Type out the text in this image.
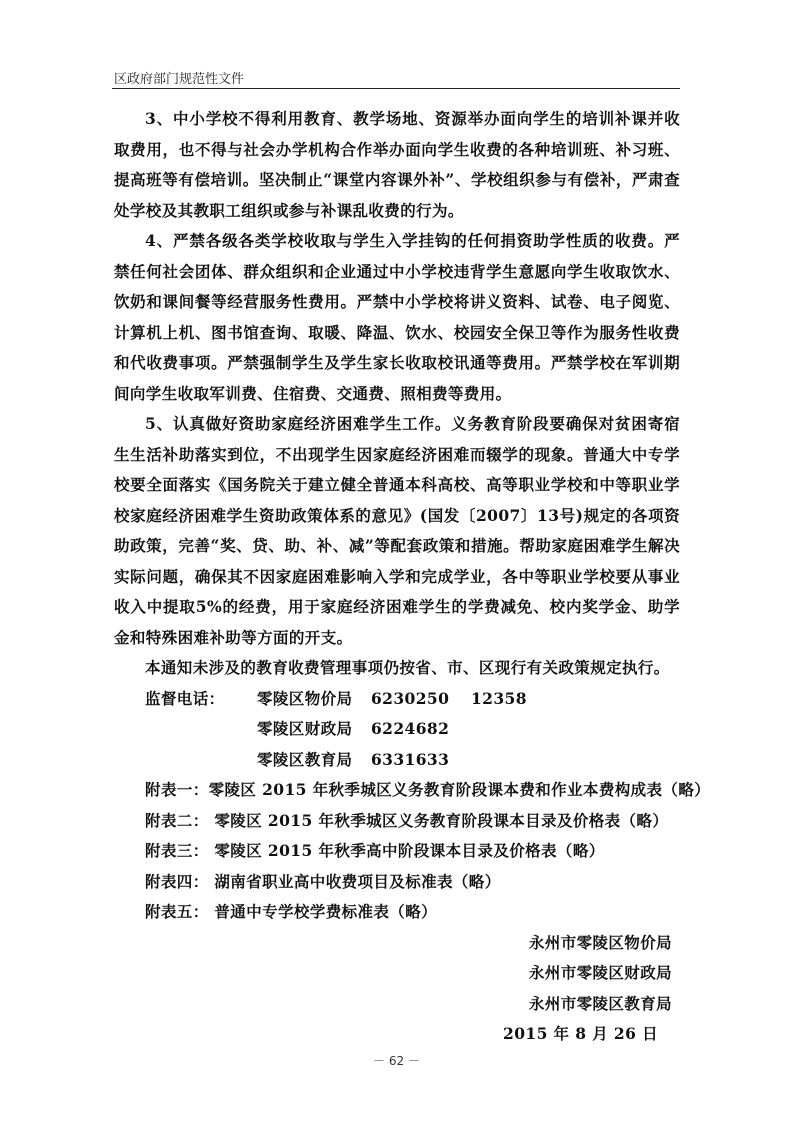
区政府部门规范性文件

3、中小学校不得利用教育、教学场地、资源举办面向学生的培训补课并收取费用，也不得与社会办学机构合作举办面向学生收费的各种培训班、补习班、提高班等有偿培训。坚决制止“课堂内容课外补”、学校组织参与有偿补，严肃查处学校及其教职工组织或参与补课乱收费的行为。

4、严禁各级各类学校收取与学生入学挂钩的任何捐资助学性质的收费。严禁任何社会团体、群众组织和企业通过中小学校违背学生意愿向学生收取饮水、饮奶和课间餐等经营服务性费用。严禁中小学校将讲义资料、试卷、电子阅览、计算机上机、图书馆查询、取暖、降温、饮水、校园安全保卫等作为服务性收费和代收费事项。严禁强制学生及学生家长收取校讯通等费用。严禁学校在军训期间向学生收取军训费、住宿费、交通费、照相费等费用。

5、认真做好资助家庭经济困难学生工作。义务教育阶段要确保对贫困寄宿生生活补助落实到位，不出现学生因家庭经济困难而辍学的现象。普通大中专学校要全面落实《国务院关于建立健全普通本科高校、高等职业学校和中等职业学校家庭经济困难学生资助政策体系的意见》(国发〔2007〕13号)规定的各项资助政策，完善“奖、贷、助、补、减”等配套政策和措施。帮助家庭困难学生解决实际问题，确保其不因家庭困难影响入学和完成学业，各中等职业学校要从事业收入中提取5%的经费，用于家庭经济困难学生的学费减免、校内奖学金、助学金和特殊困难补助等方面的开支。

本通知未涉及的教育收费管理事项仍按省、市、区现行有关政策规定执行。

监督电话：	零陵区物价局	6230250	12358
零陵区财政局	6224682
零陵区教育局	6331633

附表一：零陵区 2015 年秋季城区义务教育阶段课本费和作业本费构成表（略）

附表二： 零陵区 2015 年秋季城区义务教育阶段课本目录及价格表（略）

附表三： 零陵区 2015 年秋季高中阶段课本目录及价格表（略）

附表四： 湖南省职业高中收费项目及标准表（略）

附表五： 普通中专学校学费标准表（略）

永州市零陵区物价局

永州市零陵区财政局

永州市零陵区教育局

2015 年 8 月 26 日

－ 62 －
